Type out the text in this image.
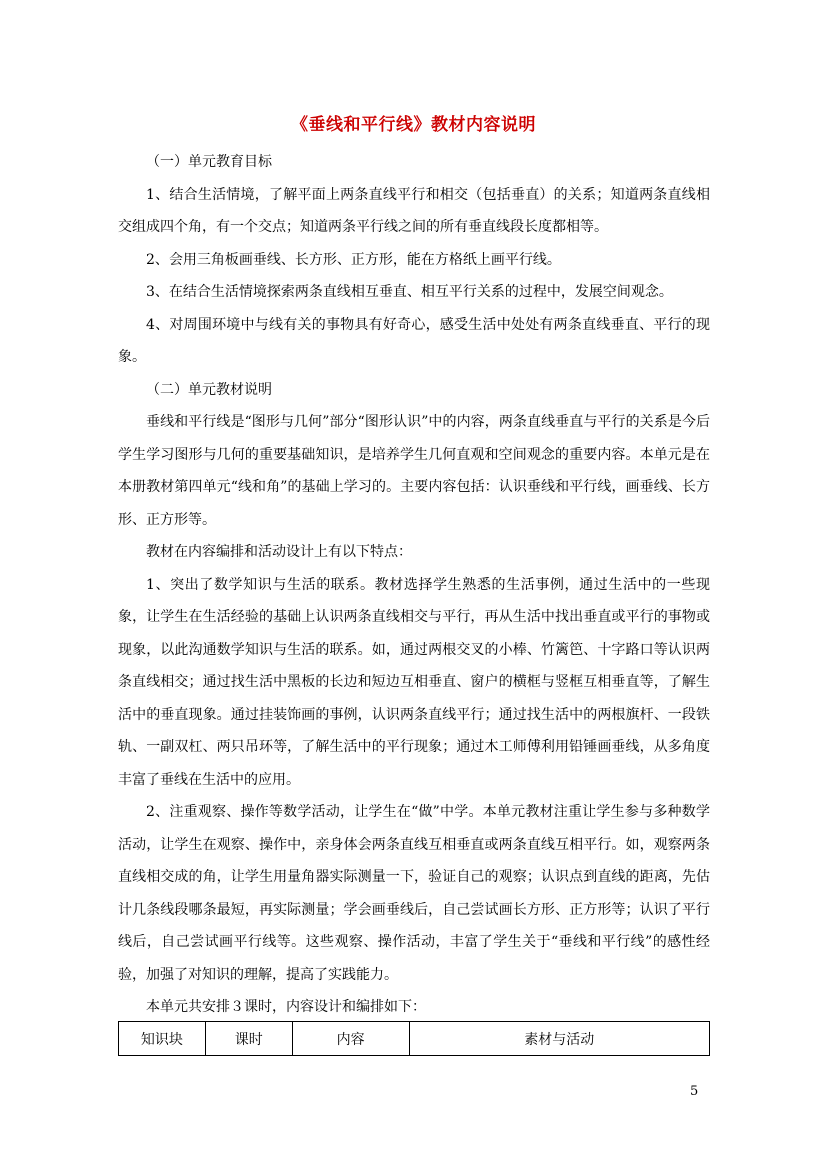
《垂线和平行线》教材内容说明

（一）单元教育目标

1、结合生活情境，了解平面上两条直线平行和相交（包括垂直）的关系；知道两条直线相交组成四个角，有一个交点；知道两条平行线之间的所有垂直线段长度都相等。

2、会用三角板画垂线、长方形、正方形，能在方格纸上画平行线。

3、在结合生活情境探索两条直线相互垂直、相互平行关系的过程中，发展空间观念。

4、对周围环境中与线有关的事物具有好奇心，感受生活中处处有两条直线垂直、平行的现象。

（二）单元教材说明

垂线和平行线是“图形与几何”部分“图形认识”中的内容，两条直线垂直与平行的关系是今后学生学习图形与几何的重要基础知识，是培养学生几何直观和空间观念的重要内容。本单元是在本册教材第四单元“线和角”的基础上学习的。主要内容包括：认识垂线和平行线，画垂线、长方形、正方形等。

教材在内容编排和活动设计上有以下特点：

1、突出了数学知识与生活的联系。教材选择学生熟悉的生活事例，通过生活中的一些现象，让学生在生活经验的基础上认识两条直线相交与平行，再从生活中找出垂直或平行的事物或现象，以此沟通数学知识与生活的联系。如，通过两根交叉的小棒、竹篱笆、十字路口等认识两条直线相交；通过找生活中黑板的长边和短边互相垂直、窗户的横框与竖框互相垂直等，了解生活中的垂直现象。通过挂装饰画的事例，认识两条直线平行；通过找生活中的两根旗杆、一段铁轨、一副双杠、两只吊环等，了解生活中的平行现象；通过木工师傅利用铅锤画垂线，从多角度丰富了垂线在生活中的应用。

2、注重观察、操作等数学活动，让学生在“做”中学。本单元教材注重让学生参与多种数学活动，让学生在观察、操作中，亲身体会两条直线互相垂直或两条直线互相平行。如，观察两条直线相交成的角，让学生用量角器实际测量一下，验证自己的观察；认识点到直线的距离，先估计几条线段哪条最短，再实际测量；学会画垂线后，自己尝试画长方形、正方形等；认识了平行线后，自己尝试画平行线等。这些观察、操作活动，丰富了学生关于“垂线和平行线”的感性经验，加强了对知识的理解，提高了实践能力。

本单元共安排３课时，内容设计和编排如下：

知识块	课时	内容	素材与活动
5
